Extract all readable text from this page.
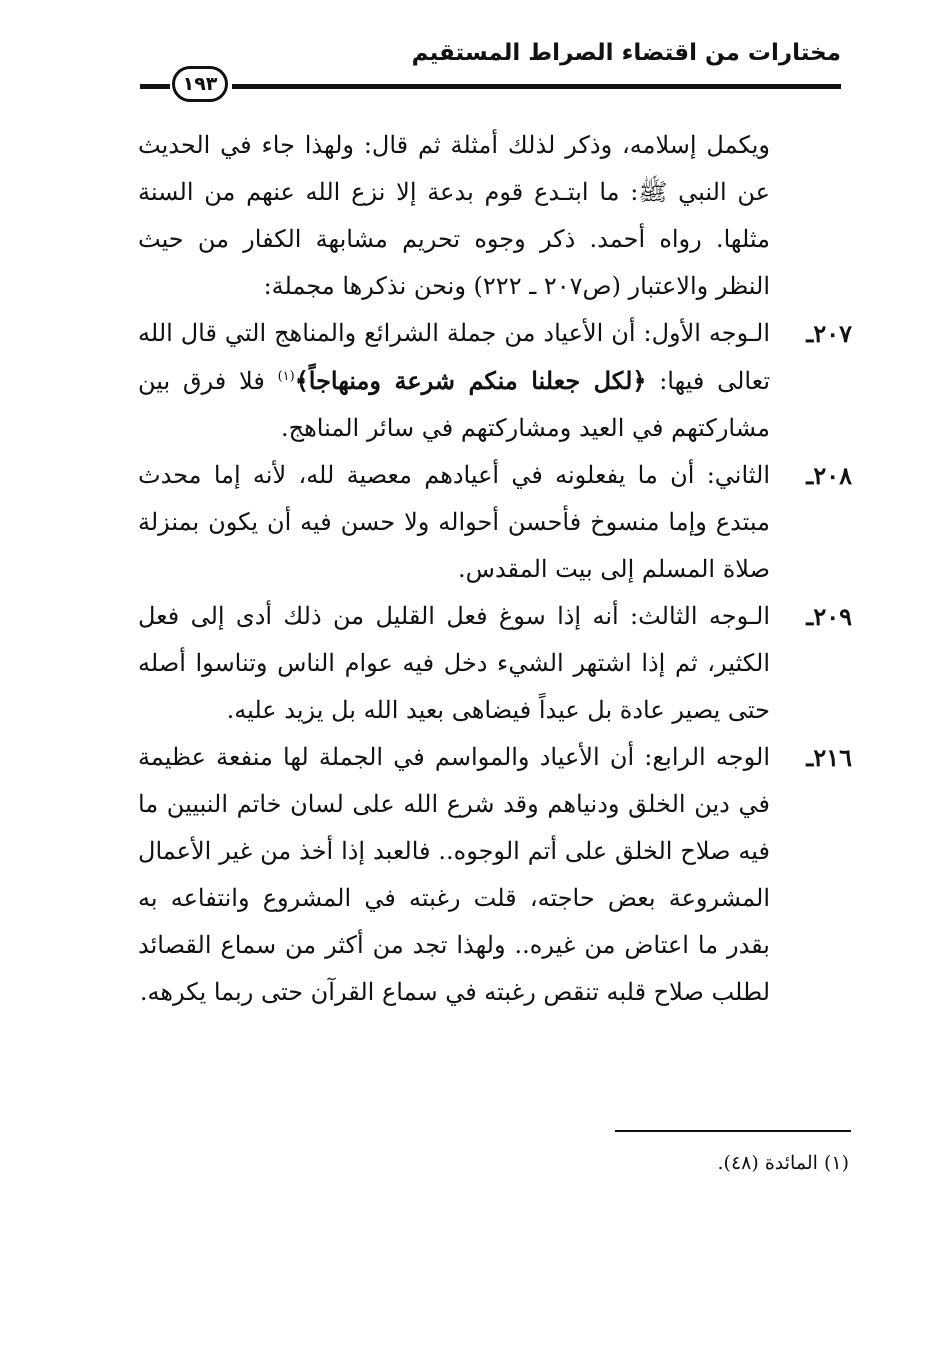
مختارات من اقتضاء الصراط المستقيم
١٩٣

ويكمل إسلامه، وذكر لذلك أمثلة ثم قال: ولهذا جاء في الحديث عن النبي ﷺ: ما ابتـدع قوم بدعة إلا نزع الله عنهم من السنة مثلها. رواه أحمد. ذكر وجوه تحريم مشابهة الكفار من حيث النظر والاعتبار (ص٢٠٧ ـ ٢٢٢) ونحن نذكرها مجملة:

٢٠٧ـ
الـوجه الأول: أن الأعياد من جملة الشرائع والمناهج التي قال الله تعالى فيها: ﴿لكل جعلنا منكم شرعة ومنهاجاً﴾$^{(١)}$ فلا فرق بين مشاركتهم في العيد ومشاركتهم في سائر المناهج.
٢٠٨ـ
الثاني: أن ما يفعلونه في أعيادهم معصية لله، لأنه إما محدث مبتدع وإما منسوخ فأحسن أحواله ولا حسن فيه أن يكون بمنزلة صلاة المسلم إلى بيت المقدس.
٢٠٩ـ
الـوجه الثالث: أنه إذا سوغ فعل القليل من ذلك أدى إلى فعل الكثير، ثم إذا اشتهر الشيء دخل فيه عوام الناس وتناسوا أصله حتى يصير عادة بل عيداً فيضاهى بعيد الله بل يزيد عليه.
٢١٦ـ
الوجه الرابع: أن الأعياد والمواسم في الجملة لها منفعة عظيمة في دين الخلق ودنياهم وقد شرع الله على لسان خاتم النبيين ما فيه صلاح الخلق على أتم الوجوه.. فالعبد إذا أخذ من غير الأعمال المشروعة بعض حاجته، قلت رغبته في المشروع وانتفاعه به بقدر ما اعتاض من غيره.. ولهذا تجد من أكثر من سماع القصائد لطلب صلاح قلبه تنقص رغبته في سماع القرآن حتى ربما يكرهه.
(١) المائدة (٤٨).
